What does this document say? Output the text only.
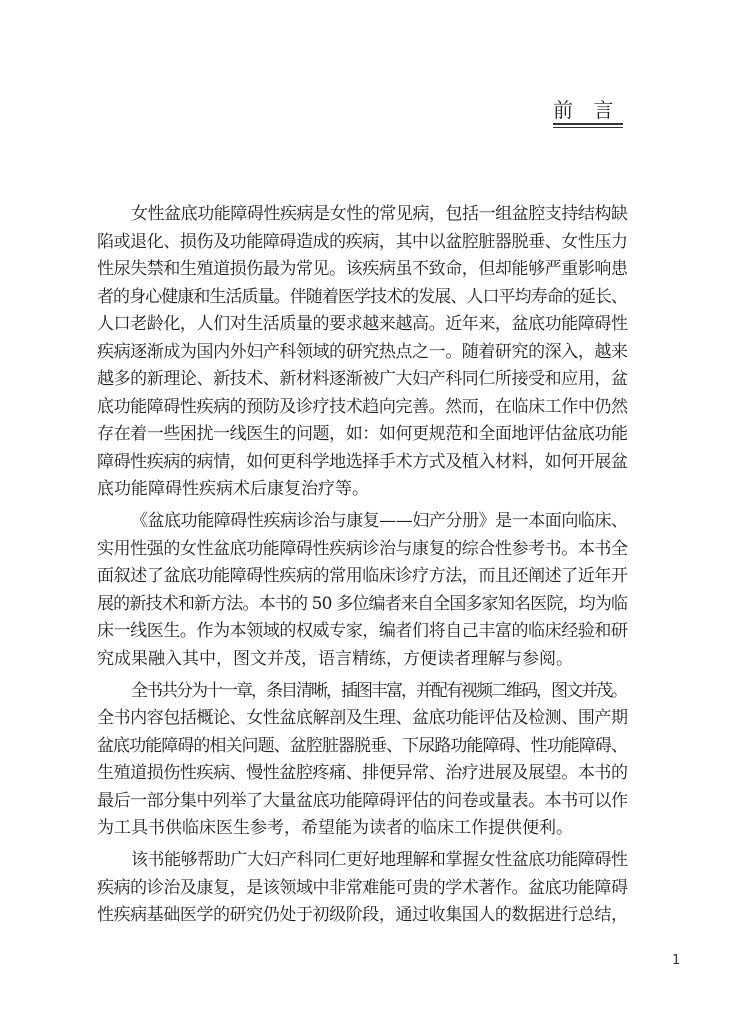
前 言
女性盆底功能障碍性疾病是女性的常见病，包括一组盆腔支持结构缺
陷或退化、损伤及功能障碍造成的疾病，其中以盆腔脏器脱垂、女性压力
性尿失禁和生殖道损伤最为常见。该疾病虽不致命，但却能够严重影响患
者的身心健康和生活质量。伴随着医学技术的发展、人口平均寿命的延长、
人口老龄化，人们对生活质量的要求越来越高。近年来，盆底功能障碍性
疾病逐渐成为国内外妇产科领域的研究热点之一。随着研究的深入，越来
越多的新理论、新技术、新材料逐渐被广大妇产科同仁所接受和应用，盆
底功能障碍性疾病的预防及诊疗技术趋向完善。然而，在临床工作中仍然
存在着一些困扰一线医生的问题，如：如何更规范和全面地评估盆底功能
障碍性疾病的病情，如何更科学地选择手术方式及植入材料，如何开展盆
底功能障碍性疾病术后康复治疗等。
《盆底功能障碍性疾病诊治与康复——妇产分册》是一本面向临床、
实用性强的女性盆底功能障碍性疾病诊治与康复的综合性参考书。本书全
面叙述了盆底功能障碍性疾病的常用临床诊疗方法，而且还阐述了近年开
展的新技术和新方法。本书的 50 多位编者来自全国多家知名医院，均为临
床一线医生。作为本领域的权威专家，编者们将自己丰富的临床经验和研
究成果融入其中，图文并茂，语言精练，方便读者理解与参阅。
全书共分为十一章，条目清晰，插图丰富，并配有视频二维码，图文并茂。
全书内容包括概论、女性盆底解剖及生理、盆底功能评估及检测、围产期
盆底功能障碍的相关问题、盆腔脏器脱垂、下尿路功能障碍、性功能障碍、
生殖道损伤性疾病、慢性盆腔疼痛、排便异常、治疗进展及展望。本书的
最后一部分集中列举了大量盆底功能障碍评估的问卷或量表。本书可以作
为工具书供临床医生参考，希望能为读者的临床工作提供便利。
该书能够帮助广大妇产科同仁更好地理解和掌握女性盆底功能障碍性
疾病的诊治及康复，是该领域中非常难能可贵的学术著作。盆底功能障碍
性疾病基础医学的研究仍处于初级阶段，通过收集国人的数据进行总结，
1
